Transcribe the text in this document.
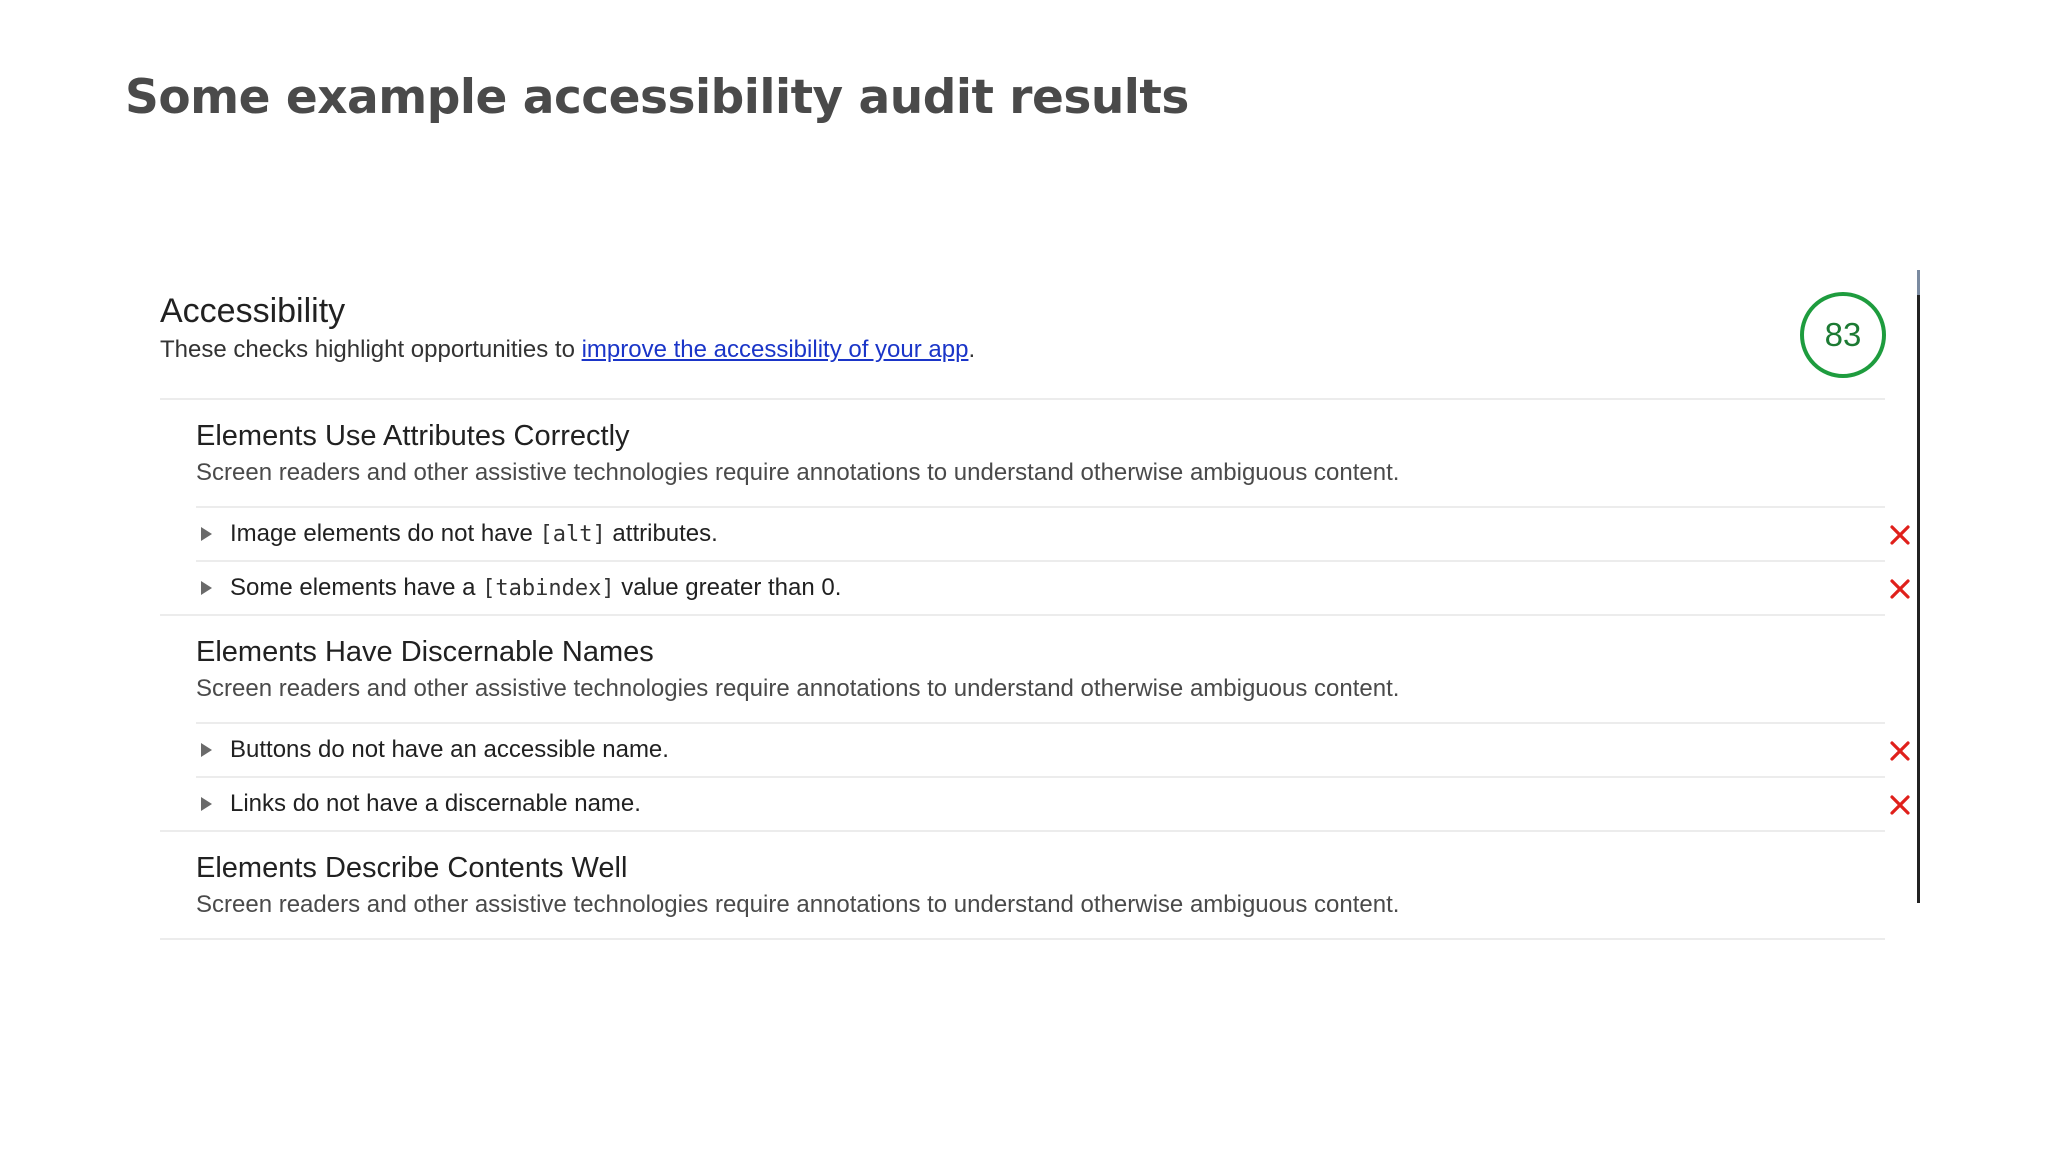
Some example accessibility audit results
Accessibility
These checks highlight opportunities to improve the accessibility of your app.	83
Elements Use Attributes Correctly
Screen readers and other assistive technologies require annotations to understand otherwise ambiguous content.
Image elements do not have [alt] attributes.
Some elements have a [tabindex] value greater than 0.
Elements Have Discernable Names
Screen readers and other assistive technologies require annotations to understand otherwise ambiguous content.
Buttons do not have an accessible name.
Links do not have a discernable name.
Elements Describe Contents Well
Screen readers and other assistive technologies require annotations to understand otherwise ambiguous content.
